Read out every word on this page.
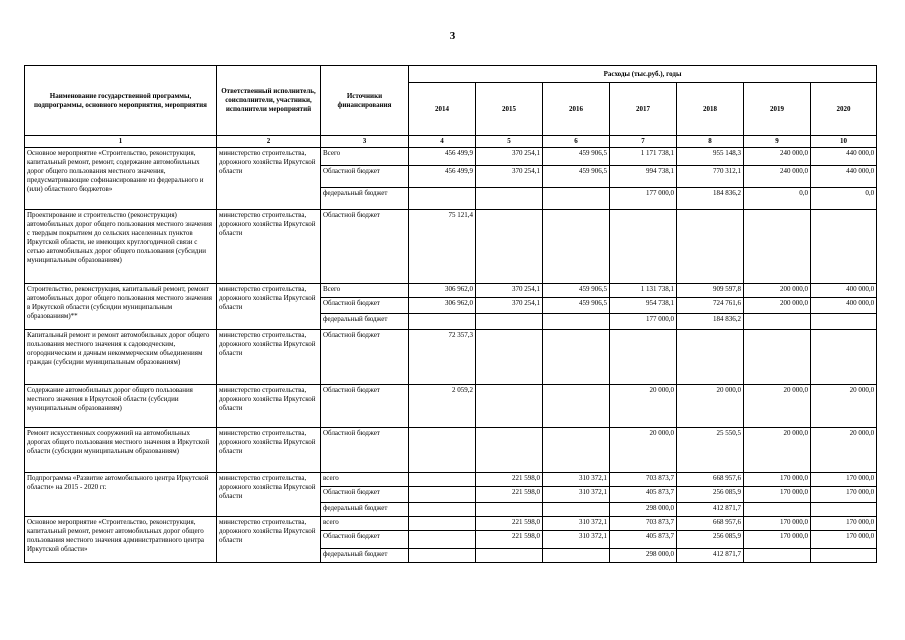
3
Наименование государственной программы, подпрограммы, основного мероприятия, мероприятия	Ответственный исполнитель, соисполнители, участники, исполнители мероприятий	Источники финансирования	Расходы (тыс.руб.), годы						
			2014	2015	2016	2017	2018	2019	2020
1	2	3	4	5	6	7	8	9	10
Основное мероприятие «Строительство, реконструкция, капитальный ремонт, ремонт, содержание автомобильных дорог общего пользования местного значения, предусматривающие софинансирование из федерального и (или) областного бюджетов»	министерство строительства, дорожного хозяйства Иркутской области	Всего	456 499,9	370 254,1	459 906,5	1 171 738,1	955 148,3	240 000,0	440 000,0
		Областной бюджет	456 499,9	370 254,1	459 906,5	994 738,1	770 312,1	240 000,0	440 000,0
		федеральный бюджет				177 000,0	184 836,2	0,0	0,0
Проектирование и строительство (реконструкция) автомобильных дорог общего пользования местного значения с твердым покрытием до сельских населенных пунктов Иркутской области, не имеющих круглогодичной связи с сетью автомобильных дорог общего пользования (субсидии муниципальным образованиям)	министерство строительства, дорожного хозяйства Иркутской области	Областной бюджет	75 121,4						
Строительство, реконструкция, капитальный ремонт, ремонт автомобильных дорог общего пользования местного значения в Иркутской области (субсидии муниципальным образованиям)**	министерство строительства, дорожного хозяйства Иркутской области	Всего	306 962,0	370 254,1	459 906,5	1 131 738,1	909 597,8	200 000,0	400 000,0
		Областной бюджет	306 962,0	370 254,1	459 906,5	954 738,1	724 761,6	200 000,0	400 000,0
		федеральный бюджет				177 000,0	184 836,2		
Капитальный ремонт и ремонт автомобильных дорог общего пользования местного значения к садоводческим, огородническим и дачным некоммерческим объединениям граждан (субсидии муниципальным образованиям)	министерство строительства, дорожного хозяйства Иркутской области	Областной бюджет	72 357,3						
Содержание автомобильных дорог общего пользования местного значения в Иркутской области (субсидии муниципальным образованиям)	министерство строительства, дорожного хозяйства Иркутской области	Областной бюджет	2 059,2			20 000,0	20 000,0	20 000,0	20 000,0
Ремонт искусственных сооружений на автомобильных дорогах общего пользования местного значения в Иркутской области (субсидии муниципальным образованиям)	министерство строительства, дорожного хозяйства Иркутской области	Областной бюджет				20 000,0	25 550,5	20 000,0	20 000,0
Подпрограмма «Развитие автомобильного центра Иркутской области» на 2015 - 2020 гг.	министерство строительства, дорожного хозяйства Иркутской области	всего		221 598,0	310 372,1	703 873,7	668 957,6	170 000,0	170 000,0
		Областной бюджет		221 598,0	310 372,1	405 873,7	256 085,9	170 000,0	170 000,0
		федеральный бюджет				298 000,0	412 871,7		
Основное мероприятие «Строительство, реконструкция, капитальный ремонт, ремонт автомобильных дорог общего пользования местного значения административного центра Иркутской области»	министерство строительства, дорожного хозяйства Иркутской области	всего		221 598,0	310 372,1	703 873,7	668 957,6	170 000,0	170 000,0
		Областной бюджет		221 598,0	310 372,1	405 873,7	256 085,9	170 000,0	170 000,0
		федеральный бюджет				298 000,0	412 871,7		
